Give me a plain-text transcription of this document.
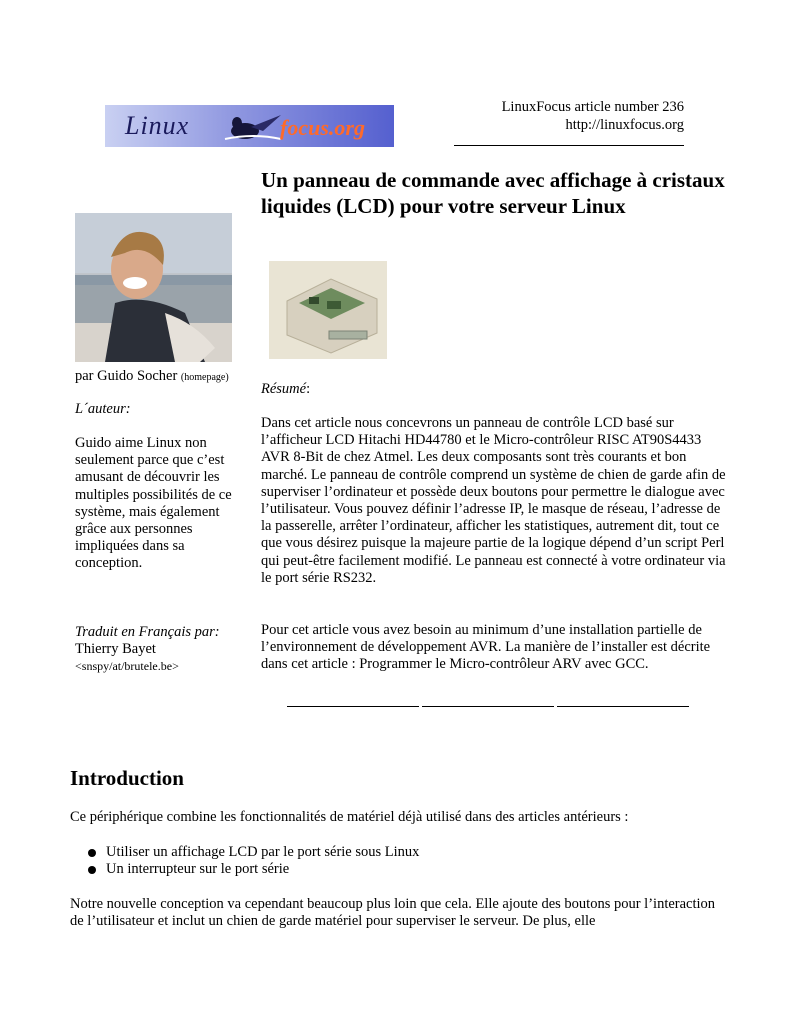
Linux	focus.org
LinuxFocus article number 236
http://linuxfocus.org
Un panneau de commande avec affichage à cristaux liquides (LCD) pour votre serveur Linux
par Guido Socher (homepage)
L´auteur:

Guido aime Linux non seulement parce que c’est amusant de découvrir les multiples possibilités de ce système, mais également grâce aux personnes impliquées dans sa conception.

Traduit en Français par:
Thierry Bayet
<snspy/at/brutele.be>
Résumé:

Dans cet article nous concevrons un panneau de contrôle LCD basé sur l’afficheur LCD Hitachi HD44780 et le Micro-contrôleur RISC AT90S4433 AVR 8-Bit de chez Atmel. Les deux composants sont très courants et bon marché. Le panneau de contrôle comprend un système de chien de garde afin de superviser l’ordinateur et possède deux boutons pour permettre le dialogue avec l’utilisateur. Vous pouvez définir l’adresse IP, le masque de réseau, l’adresse de la passerelle, arrêter l’ordinateur, afficher les statistiques, autrement dit, tout ce que vous désirez puisque la majeure partie de la logique dépend d’un script Perl qui peut-être facilement modifié. Le panneau est connecté à votre ordinateur via le port série RS232.

Pour cet article vous avez besoin au minimum d’une installation partielle de l’environnement de développement AVR. La manière de l’installer est décrite dans cet article : Programmer le Micro-contrôleur ARV avec GCC.

Introduction
Ce périphérique combine les fonctionnalités de matériel déjà utilisé dans des articles antérieurs :
Utiliser un affichage LCD par le port série sous Linux
Un interrupteur sur le port série

Notre nouvelle conception va cependant beaucoup plus loin que cela. Elle ajoute des boutons pour l’interaction de l’utilisateur et inclut un chien de garde matériel pour superviser le serveur. De plus, elle
